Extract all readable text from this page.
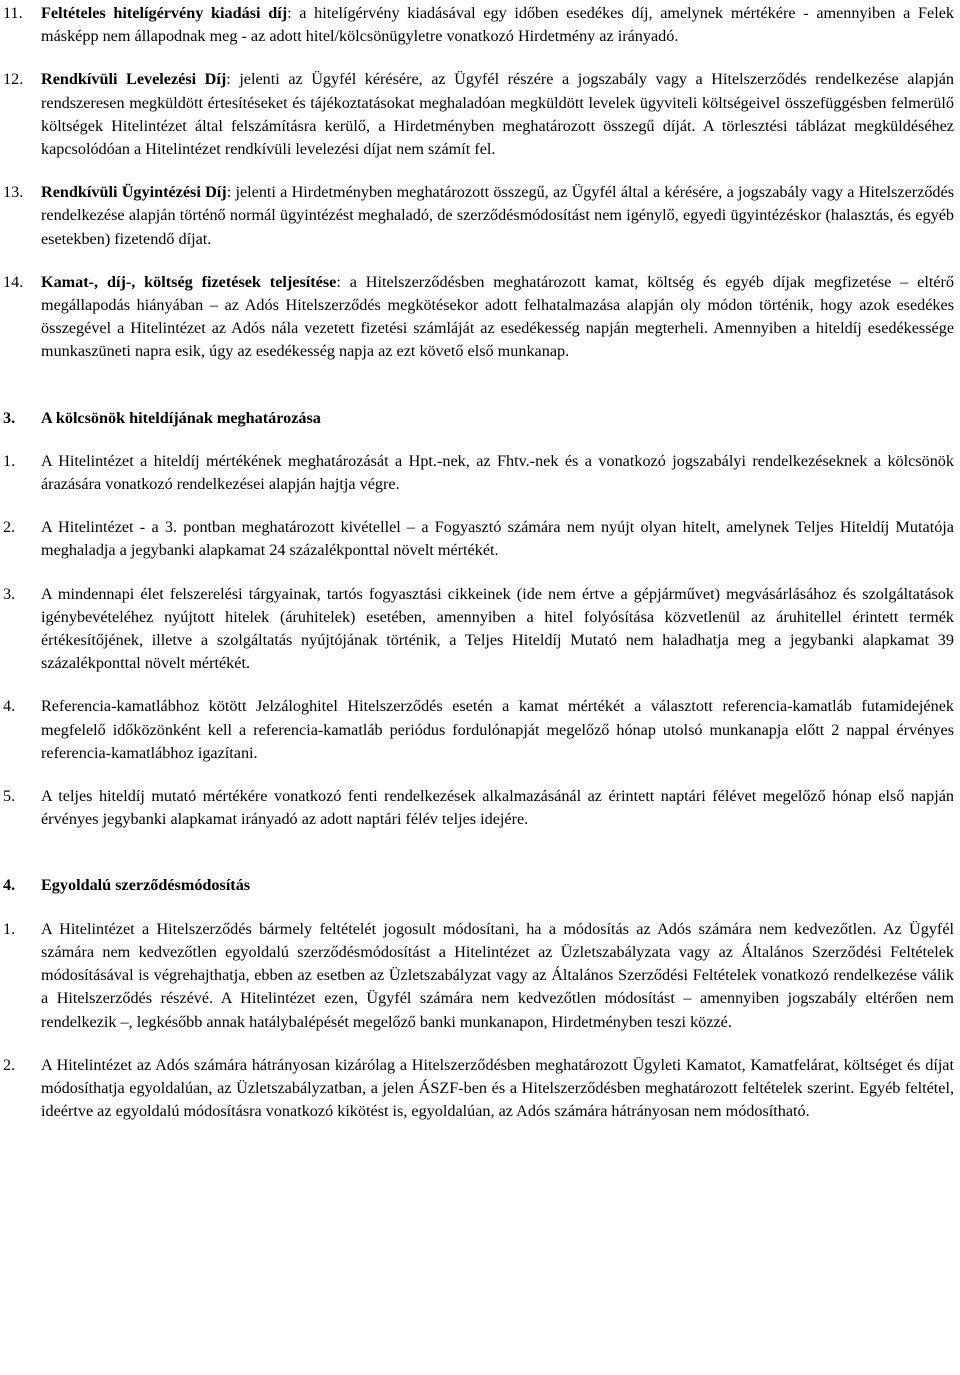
11. Feltételes hitelígérvény kiadási díj: a hitelígérvény kiadásával egy időben esedékes díj, amelynek mértékére - amennyiben a Felek másképp nem állapodnak meg - az adott hitel/kölcsönügyletre vonatkozó Hirdetmény az irányadó.

12. Rendkívüli Levelezési Díj: jelenti az Ügyfél kérésére, az Ügyfél részére a jogszabály vagy a Hitelszerződés rendelkezése alapján rendszeresen megküldött értesítéseket és tájékoztatásokat meghaladóan megküldött levelek ügyviteli költségeivel összefüggésben felmerülő költségek Hitelintézet által felszámításra kerülő, a Hirdetményben meghatározott összegű díját. A törlesztési táblázat megküldéséhez kapcsolódóan a Hitelintézet rendkívüli levelezési díjat nem számít fel.

13. Rendkívüli Ügyintézési Díj: jelenti a Hirdetményben meghatározott összegű, az Ügyfél által a kérésére, a jogszabály vagy a Hitelszerződés rendelkezése alapján történő normál ügyintézést meghaladó, de szerződésmódosítást nem igénylő, egyedi ügyintézéskor (halasztás, és egyéb esetekben) fizetendő díjat.

14. Kamat-, díj-, költség fizetések teljesítése: a Hitelszerződésben meghatározott kamat, költség és egyéb díjak megfizetése – eltérő megállapodás hiányában – az Adós Hitelszerződés megkötésekor adott felhatalmazása alapján oly módon történik, hogy azok esedékes összegével a Hitelintézet az Adós nála vezetett fizetési számláját az esedékesség napján megterheli. Amennyiben a hiteldíj esedékessége munkaszüneti napra esik, úgy az esedékesség napja az ezt követő első munkanap.

3. A kölcsönök hiteldíjának meghatározása

1. A Hitelintézet a hiteldíj mértékének meghatározását a Hpt.-nek, az Fhtv.-nek és a vonatkozó jogszabályi rendelkezéseknek a kölcsönök árazására vonatkozó rendelkezései alapján hajtja végre.

2. A Hitelintézet - a 3. pontban meghatározott kivétellel – a Fogyasztó számára nem nyújt olyan hitelt, amelynek Teljes Hiteldíj Mutatója meghaladja a jegybanki alapkamat 24 százalékponttal növelt mértékét.

3. A mindennapi élet felszerelési tárgyainak, tartós fogyasztási cikkeinek (ide nem értve a gépjárművet) megvásárlásához és szolgáltatások igénybevételéhez nyújtott hitelek (áruhitelek) esetében, amennyiben a hitel folyósítása közvetlenül az áruhitellel érintett termék értékesítőjének, illetve a szolgáltatás nyújtójának történik, a Teljes Hiteldíj Mutató nem haladhatja meg a jegybanki alapkamat 39 százalékponttal növelt mértékét.

4. Referencia-kamatlábhoz kötött Jelzáloghitel Hitelszerződés esetén a kamat mértékét a választott referencia-kamatláb futamidejének megfelelő időközönként kell a referencia-kamatláb periódus fordulónapját megelőző hónap utolsó munkanapja előtt 2 nappal érvényes referencia-kamatlábhoz igazítani.

5. A teljes hiteldíj mutató mértékére vonatkozó fenti rendelkezések alkalmazásánál az érintett naptári félévet megelőző hónap első napján érvényes jegybanki alapkamat irányadó az adott naptári félév teljes idejére.

4. Egyoldalú szerződésmódosítás

1. A Hitelintézet a Hitelszerződés bármely feltételét jogosult módosítani, ha a módosítás az Adós számára nem kedvezőtlen. Az Ügyfél számára nem kedvezőtlen egyoldalú szerződésmódosítást a Hitelintézet az Üzletszabályzata vagy az Általános Szerződési Feltételek módosításával is végrehajthatja, ebben az esetben az Üzletszabályzat vagy az Általános Szerződési Feltételek vonatkozó rendelkezése válik a Hitelszerződés részévé. A Hitelintézet ezen, Ügyfél számára nem kedvezőtlen módosítást – amennyiben jogszabály eltérően nem rendelkezik –, legkésőbb annak hatálybalépését megelőző banki munkanapon, Hirdetményben teszi közzé.

2. A Hitelintézet az Adós számára hátrányosan kizárólag a Hitelszerződésben meghatározott Ügyleti Kamatot, Kamatfelárat, költséget és díjat módosíthatja egyoldalúan, az Üzletszabályzatban, a jelen ÁSZF-ben és a Hitelszerződésben meghatározott feltételek szerint. Egyéb feltétel, ideértve az egyoldalú módosításra vonatkozó kikötést is, egyoldalúan, az Adós számára hátrányosan nem módosítható.
